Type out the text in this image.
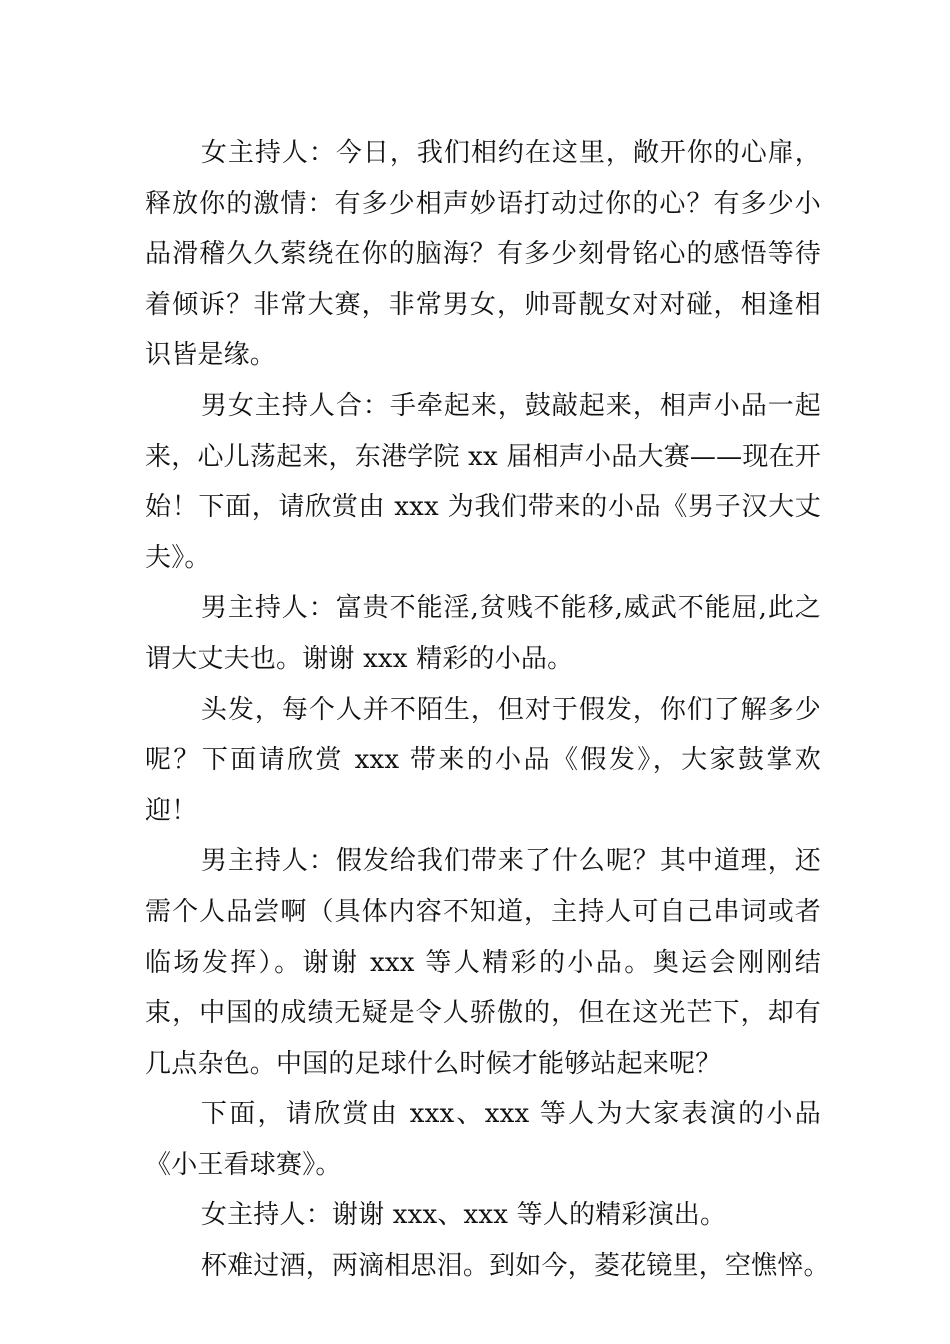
女主持人：今日，我们相约在这里，敞开你的心扉，释放你的激情：有多少相声妙语打动过你的心？有多少小品滑稽久久萦绕在你的脑海？有多少刻骨铭心的感悟等待着倾诉？非常大赛，非常男女，帅哥靓女对对碰，相逢相识皆是缘。

男女主持人合：手牵起来，鼓敲起来，相声小品一起来，心儿荡起来，东港学院 xx 届相声小品大赛——现在开始！下面，请欣赏由 xxx 为我们带来的小品《男子汉大丈夫》。

男主持人：富贵不能淫,贫贱不能移,威武不能屈,此之谓大丈夫也。谢谢 xxx 精彩的小品。

头发，每个人并不陌生，但对于假发，你们了解多少呢？下面请欣赏 xxx 带来的小品《假发》，大家鼓掌欢迎！

男主持人：假发给我们带来了什么呢？其中道理，还需个人品尝啊（具体内容不知道，主持人可自己串词或者临场发挥）。谢谢 xxx 等人精彩的小品。奥运会刚刚结束，中国的成绩无疑是令人骄傲的，但在这光芒下，却有几点杂色。中国的足球什么时候才能够站起来呢？

下面，请欣赏由 xxx、xxx 等人为大家表演的小品《小王看球赛》。

女主持人：谢谢 xxx、xxx 等人的精彩演出。

杯难过酒，两滴相思泪。到如今，菱花镜里，空憔悴。
